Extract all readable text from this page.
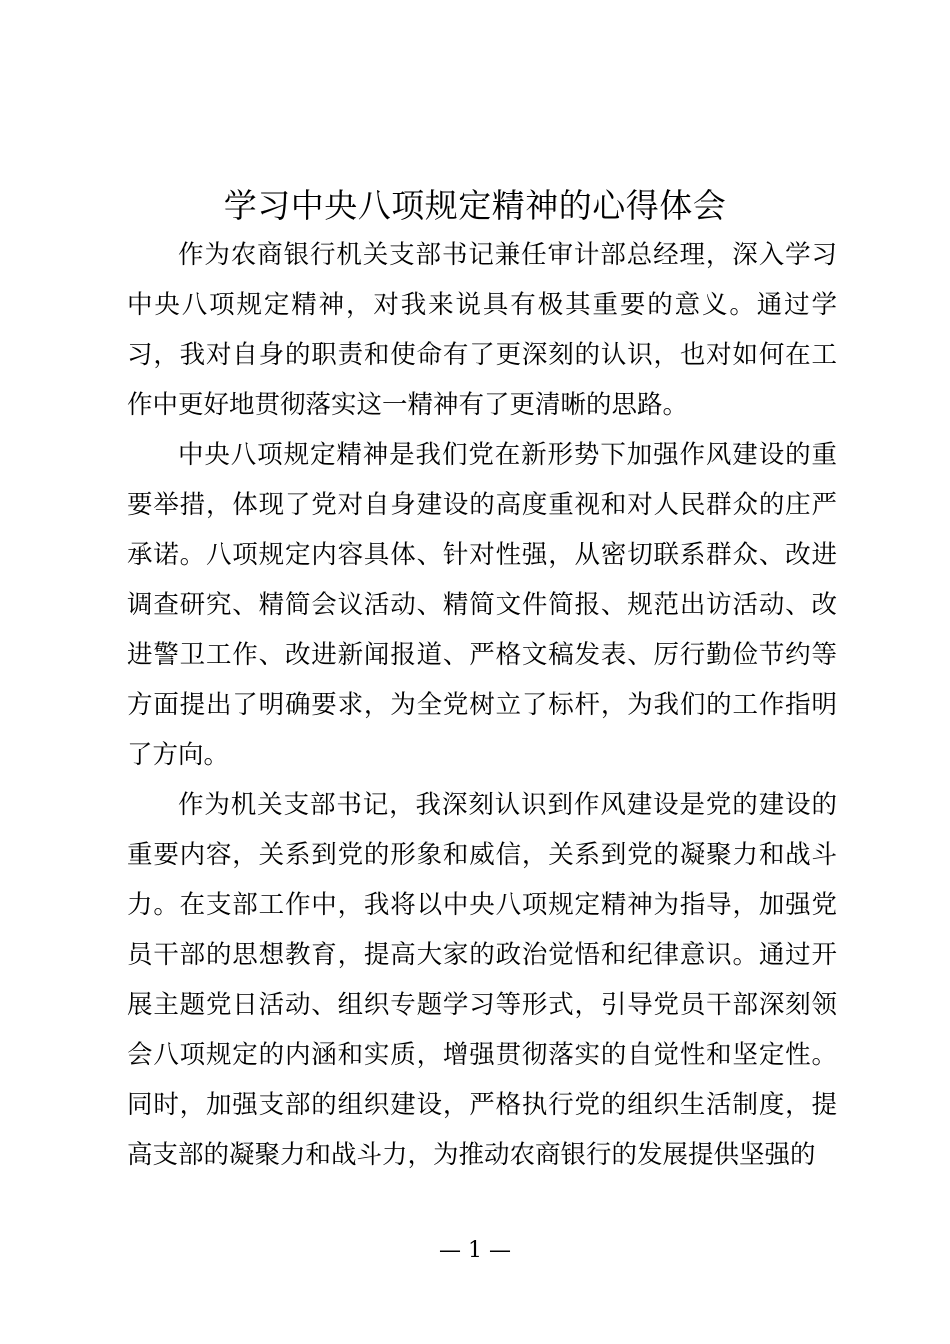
学习中央八项规定精神的心得体会

作为农商银行机关支部书记兼任审计部总经理，深入学习中央八项规定精神，对我来说具有极其重要的意义。通过学习，我对自身的职责和使命有了更深刻的认识，也对如何在工作中更好地贯彻落实这一精神有了更清晰的思路。

中央八项规定精神是我们党在新形势下加强作风建设的重要举措，体现了党对自身建设的高度重视和对人民群众的庄严承诺。八项规定内容具体、针对性强，从密切联系群众、改进调查研究、精简会议活动、精简文件简报、规范出访活动、改进警卫工作、改进新闻报道、严格文稿发表、厉行勤俭节约等方面提出了明确要求，为全党树立了标杆，为我们的工作指明了方向。

作为机关支部书记，我深刻认识到作风建设是党的建设的重要内容，关系到党的形象和威信，关系到党的凝聚力和战斗力。在支部工作中，我将以中央八项规定精神为指导，加强党员干部的思想教育，提高大家的政治觉悟和纪律意识。通过开展主题党日活动、组织专题学习等形式，引导党员干部深刻领会八项规定的内涵和实质，增强贯彻落实的自觉性和坚定性。同时，加强支部的组织建设，严格执行党的组织生活制度，提高支部的凝聚力和战斗力，为推动农商银行的发展提供坚强的

— 1 —
